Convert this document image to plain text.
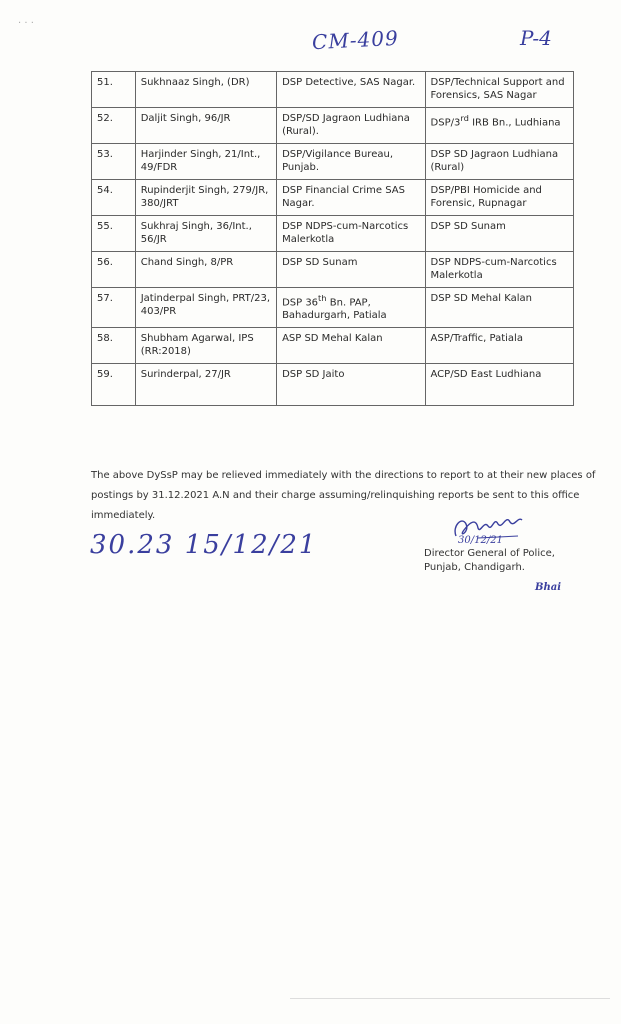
· · ·
CM-409	P-4
51.	Sukhnaaz Singh, (DR)	DSP Detective, SAS Nagar.	DSP/Technical Support and Forensics, SAS Nagar
52.	Daljit Singh, 96/JR	DSP/SD Jagraon Ludhiana (Rural).	DSP/3rd IRB Bn., Ludhiana
53.	Harjinder Singh, 21/Int., 49/FDR	DSP/Vigilance Bureau, Punjab.	DSP SD Jagraon Ludhiana (Rural)
54.	Rupinderjit Singh, 279/JR, 380/JRT	DSP Financial Crime SAS Nagar.	DSP/PBI Homicide and Forensic, Rupnagar
55.	Sukhraj Singh, 36/Int., 56/JR	DSP NDPS-cum-Narcotics Malerkotla	DSP SD Sunam
56.	Chand Singh, 8/PR	DSP SD Sunam	DSP NDPS-cum-Narcotics Malerkotla
57.	Jatinderpal Singh, PRT/23, 403/PR	DSP 36th Bn. PAP, Bahadurgarh, Patiala	DSP SD Mehal Kalan
58.	Shubham Agarwal, IPS (RR:2018)	ASP SD Mehal Kalan	ASP/Traffic, Patiala
59.	Surinderpal, 27/JR	DSP SD Jaito	ACP/SD East Ludhiana
The above DySsP may be relieved immediately with the directions to report to at their new places of postings by 31.12.2021 A.N and their charge assuming/relinquishing reports be sent to this office immediately.
30.23 15/12/21	30/12/21
Director General of Police,
Punjab, Chandigarh.
Bhai
